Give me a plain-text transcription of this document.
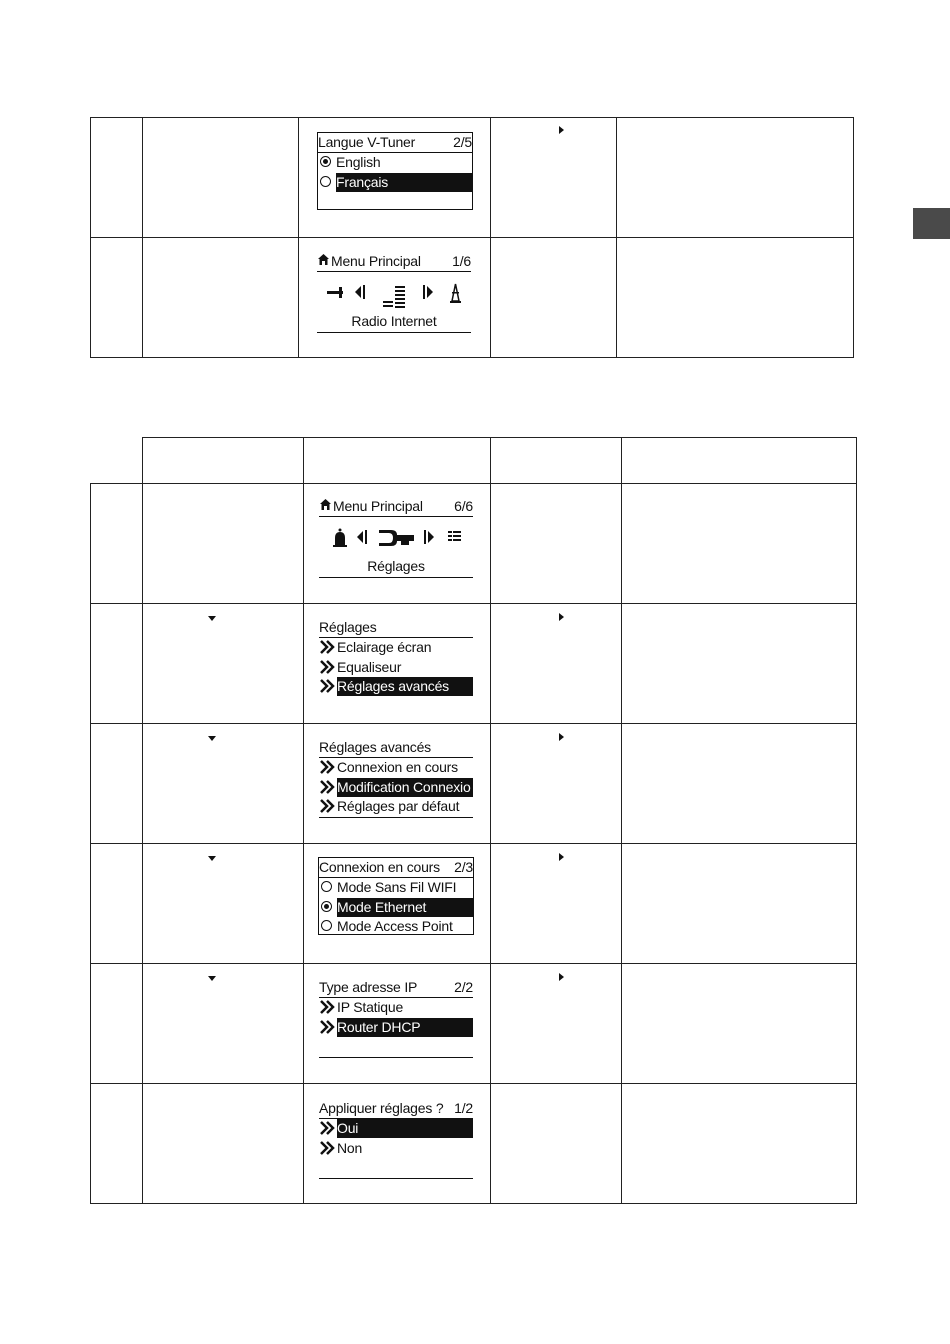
Langue V-Tuner	2/5
English
Français
Menu Principal 1/6
Radio Internet
Menu Principal 6/6
Réglages
Réglages
Eclairage écran
Equaliseur
Réglages avancés
Réglages avancés
Connexion en cours
Modification Connexio
Réglages par défaut
Connexion en cours 2/3
Mode Sans Fil WIFI
Mode Ethernet
Mode Access Point
Type adresse IP	2/2
IP Statique
Router DHCP
Appliquer réglages ? 1/2
Oui
Non
